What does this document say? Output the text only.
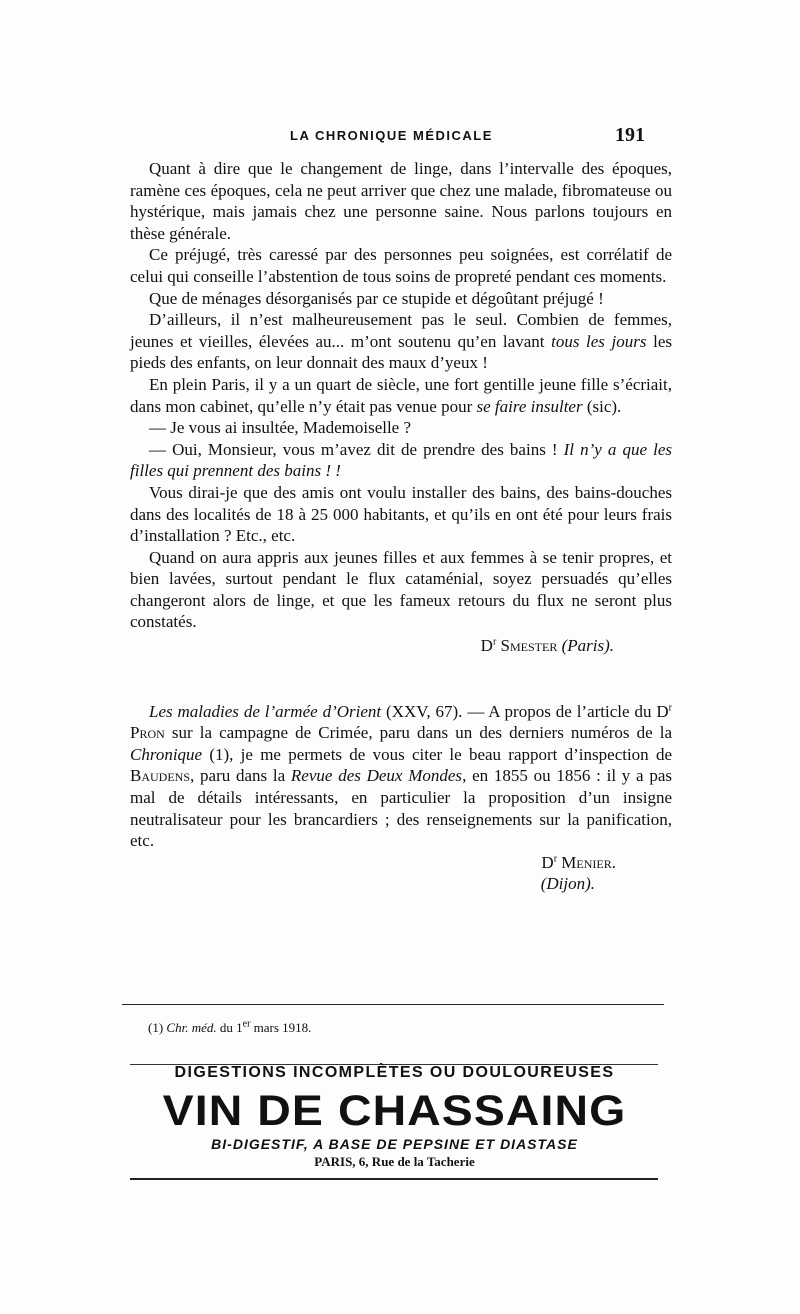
LA CHRONIQUE MÉDICALE	191

Quant à dire que le changement de linge, dans l’intervalle des époques, ramène ces époques, cela ne peut arriver que chez une malade, fibromateuse ou hystérique, mais jamais chez une personne saine. Nous parlons toujours en thèse générale.

Ce préjugé, très caressé par des personnes peu soignées, est corrélatif de celui qui conseille l’abstention de tous soins de propreté pendant ces moments.

Que de ménages désorganisés par ce stupide et dégoûtant préjugé !

D’ailleurs, il n’est malheureusement pas le seul. Combien de femmes, jeunes et vieilles, élevées au... m’ont soutenu qu’en lavant tous les jours les pieds des enfants, on leur donnait des maux d’yeux !

En plein Paris, il y a un quart de siècle, une fort gentille jeune fille s’écriait, dans mon cabinet, qu’elle n’y était pas venue pour se faire insulter (sic).

— Je vous ai insultée, Mademoiselle ?

— Oui, Monsieur, vous m’avez dit de prendre des bains ! Il n’y a que les filles qui prennent des bains ! !

Vous dirai-je que des amis ont voulu installer des bains, des bains-douches dans des localités de 18 à 25 000 habitants, et qu’ils en ont été pour leurs frais d’installation ? Etc., etc.

Quand on aura appris aux jeunes filles et aux femmes à se tenir propres, et bien lavées, surtout pendant le flux cataménial, soyez persuadés qu’elles changeront alors de linge, et que les fameux retours du flux ne seront plus constatés.

$D^r$ Smester (Paris).

Les maladies de l’armée d’Orient (XXV, 67). — A propos de l’article du $D^r$ Pron sur la campagne de Crimée, paru dans un des derniers numéros de la Chronique (1), je me permets de vous citer le beau rapport d’inspection de Baudens, paru dans la Revue des Deux Mondes, en 1855 ou 1856 : il y a pas mal de détails intéressants, en particulier la proposition d’un insigne neutralisateur pour les brancardiers ; des renseignements sur la panification, etc.

$D^r$ Menier.

(Dijon).

(1) Chr. méd. du 1er mars 1918.
DIGESTIONS INCOMPLÈTES OU DOULOUREUSES
VIN DE CHASSAING
BI-DIGESTIF, A BASE DE PEPSINE ET DIASTASE
PARIS, 6, Rue de la Tacherie
